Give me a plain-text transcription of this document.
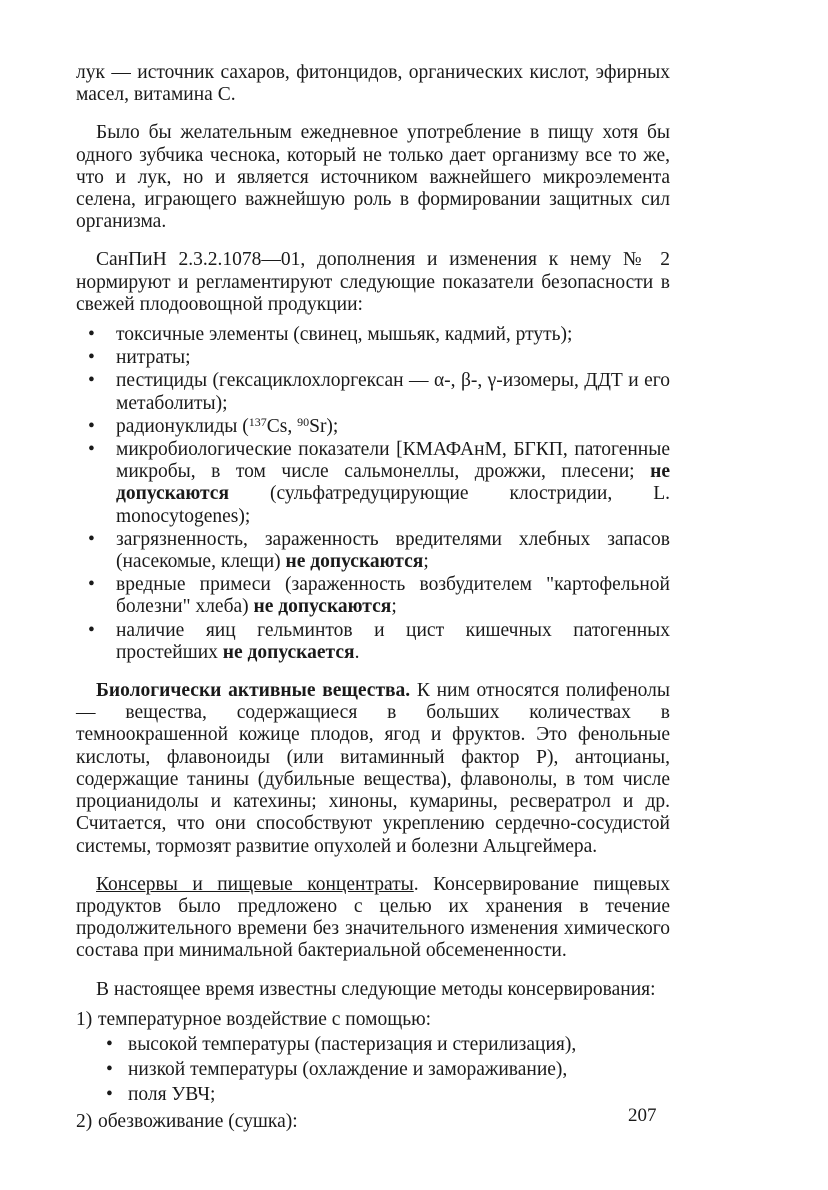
лук — источник сахаров, фитонцидов, органических кислот, эфирных масел, витамина С.

Было бы желательным ежедневное употребление в пищу хотя бы одного зубчика чеснока, который не только дает организму все то же, что и лук, но и является источником важнейшего микроэлемента селена, играющего важнейшую роль в формировании защитных сил организма.

СанПиН 2.3.2.1078—01, дополнения и изменения к нему № 2 нормируют и регламентируют следующие показатели безопасности в свежей плодоовощной продукции:

• токсичные элементы (свинец, мышьяк, кадмий, ртуть);
• нитраты;
• пестициды (гексациклохлоргексан — α-, β-, γ-изомеры, ДДТ и его метаболиты);
• радионуклиды ($^{137}$Cs, $^{90}$Sr);
• микробиологические показатели [КМАФАнМ, БГКП, патогенные микробы, в том числе сальмонеллы, дрожжи, плесени; не допускаются (сульфатредуцирующие клостридии, L. monocytogenes);
• загрязненность, зараженность вредителями хлебных запасов (насекомые, клещи) не допускаются;
• вредные примеси (зараженность возбудителем "картофельной болезни" хлеба) не допускаются;
• наличие яиц гельминтов и цист кишечных патогенных простейших не допускается.

Биологически активные вещества. К ним относятся полифенолы — вещества, содержащиеся в больших количествах в темноокрашенной кожице плодов, ягод и фруктов. Это фенольные кислоты, флавоноиды (или витаминный фактор Р), антоцианы, содержащие танины (дубильные вещества), флавонолы, в том числе процианидолы и катехины; хиноны, кумарины, ресвератрол и др. Считается, что они способствуют укреплению сердечно-сосудистой системы, тормозят развитие опухолей и болезни Альцгеймера.

Консервы и пищевые концентраты. Консервирование пищевых продуктов было предложено с целью их хранения в течение продолжительного времени без значительного изменения химического состава при минимальной бактериальной обсемененности.

В настоящее время известны следующие методы консервирования:

1) температурное воздействие с помощью:
• высокой температуры (пастеризация и стерилизация),
• низкой температуры (охлаждение и замораживание),
• поля УВЧ;
2) обезвоживание (сушка):	207
